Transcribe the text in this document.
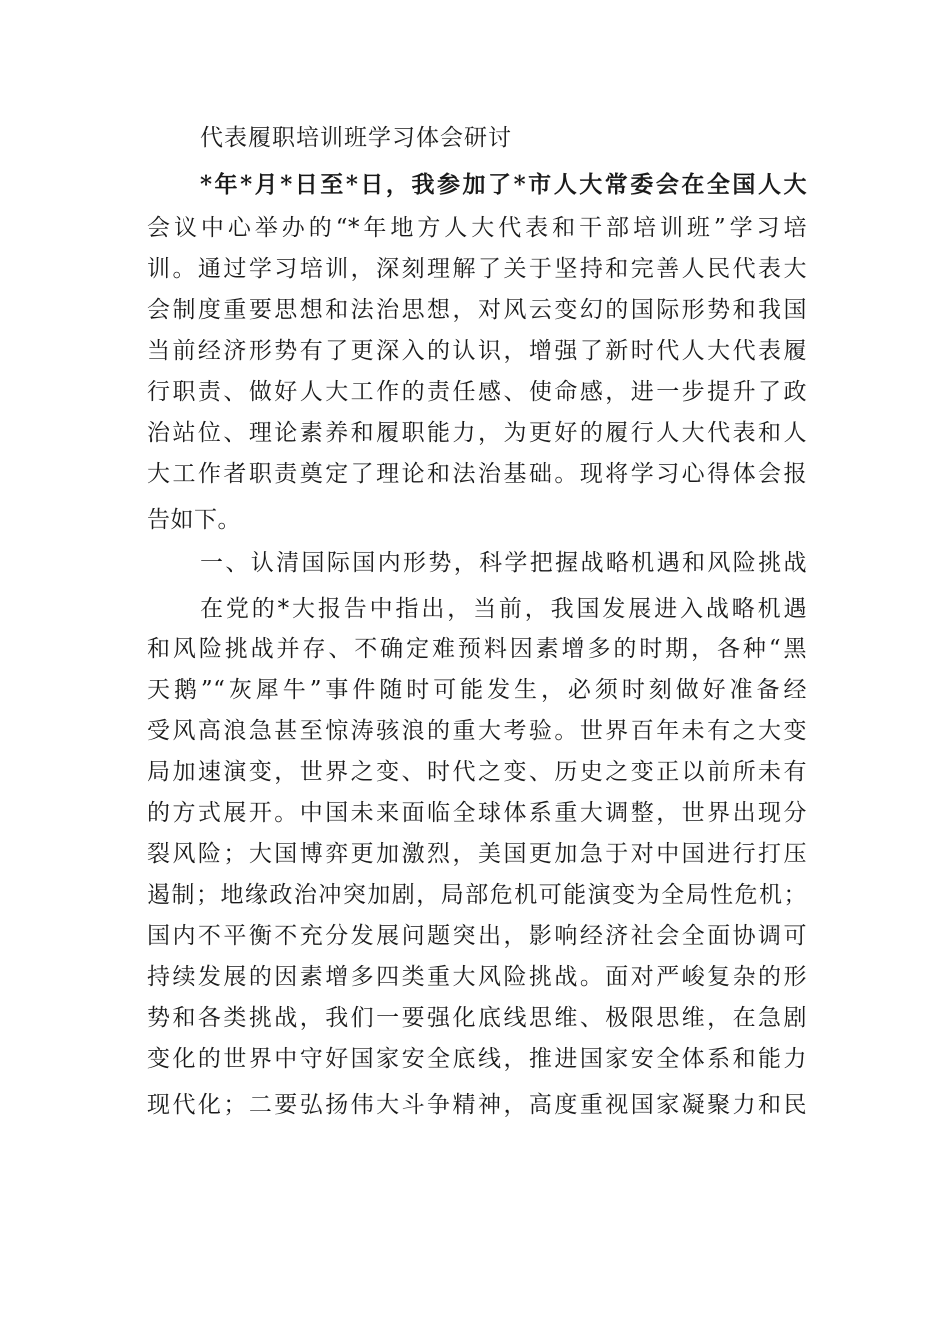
代表履职培训班学习体会研讨
*年*月*日至*日，我参加了*市人大常委会在全国人大
会议中心举办的“*年地方人大代表和干部培训班”学习培
训。通过学习培训，深刻理解了关于坚持和完善人民代表大
会制度重要思想和法治思想，对风云变幻的国际形势和我国
当前经济形势有了更深入的认识，增强了新时代人大代表履
行职责、做好人大工作的责任感、使命感，进一步提升了政
治站位、理论素养和履职能力，为更好的履行人大代表和人
大工作者职责奠定了理论和法治基础。现将学习心得体会报
告如下。
一、认清国际国内形势，科学把握战略机遇和风险挑战
在党的*大报告中指出，当前，我国发展进入战略机遇
和风险挑战并存、不确定难预料因素增多的时期，各种“黑
天鹅”“灰犀牛”事件随时可能发生，必须时刻做好准备经
受风高浪急甚至惊涛骇浪的重大考验。世界百年未有之大变
局加速演变，世界之变、时代之变、历史之变正以前所未有
的方式展开。中国未来面临全球体系重大调整，世界出现分
裂风险；大国博弈更加激烈，美国更加急于对中国进行打压
遏制；地缘政治冲突加剧，局部危机可能演变为全局性危机；
国内不平衡不充分发展问题突出，影响经济社会全面协调可
持续发展的因素增多四类重大风险挑战。面对严峻复杂的形
势和各类挑战，我们一要强化底线思维、极限思维，在急剧
变化的世界中守好国家安全底线，推进国家安全体系和能力
现代化；二要弘扬伟大斗争精神，高度重视国家凝聚力和民
